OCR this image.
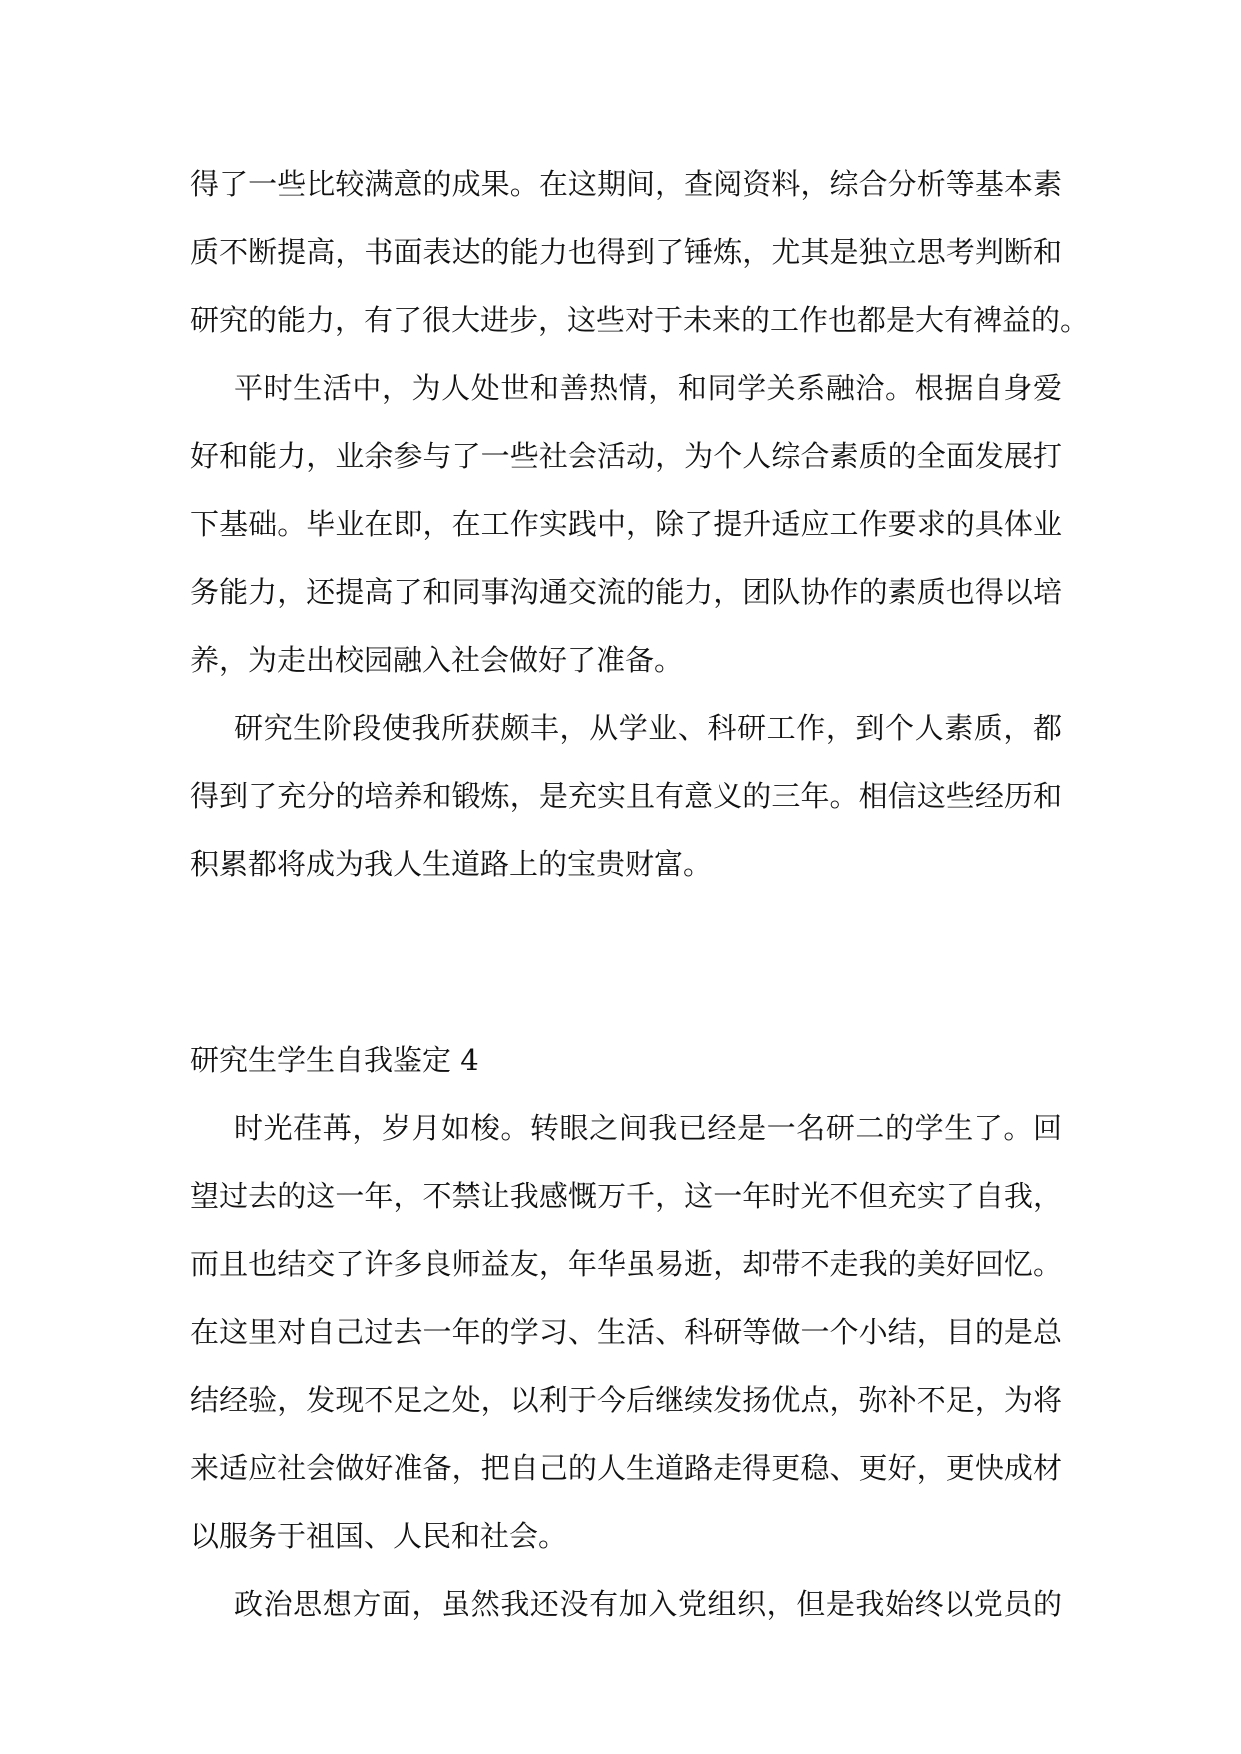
得了一些比较满意的成果。在这期间，查阅资料，综合分析等基本素
质不断提高，书面表达的能力也得到了锤炼，尤其是独立思考判断和
研究的能力，有了很大进步，这些对于未来的工作也都是大有裨益的。
平时生活中，为人处世和善热情，和同学关系融洽。根据自身爱
好和能力，业余参与了一些社会活动，为个人综合素质的全面发展打
下基础。毕业在即，在工作实践中，除了提升适应工作要求的具体业
务能力，还提高了和同事沟通交流的能力，团队协作的素质也得以培
养，为走出校园融入社会做好了准备。
研究生阶段使我所获颇丰，从学业、科研工作，到个人素质，都
得到了充分的培养和锻炼，是充实且有意义的三年。相信这些经历和
积累都将成为我人生道路上的宝贵财富。
研究生学生自我鉴定 4
时光荏苒，岁月如梭。转眼之间我已经是一名研二的学生了。回
望过去的这一年，不禁让我感慨万千，这一年时光不但充实了自我，
而且也结交了许多良师益友，年华虽易逝，却带不走我的美好回忆。
在这里对自己过去一年的学习、生活、科研等做一个小结，目的是总
结经验，发现不足之处，以利于今后继续发扬优点，弥补不足，为将
来适应社会做好准备，把自己的人生道路走得更稳、更好，更快成材
以服务于祖国、人民和社会。
政治思想方面，虽然我还没有加入党组织，但是我始终以党员的
